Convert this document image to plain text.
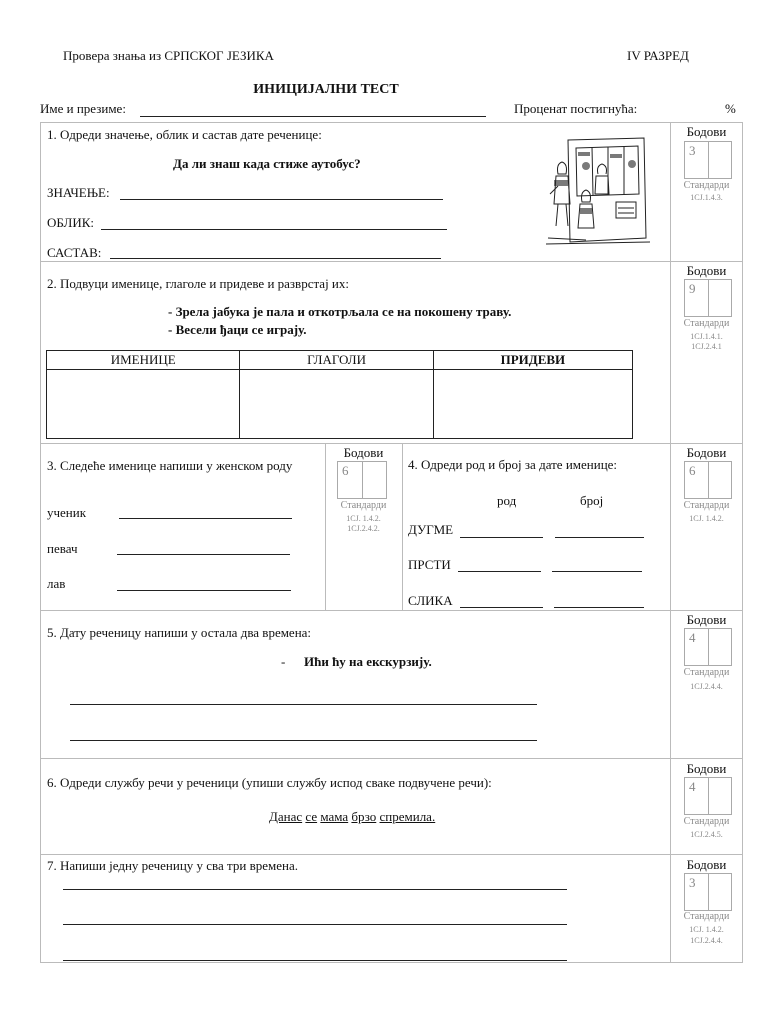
Провера знања из СРПСКОГ ЈЕЗИКА	IV РАЗРЕД
ИНИЦИЈАЛНИ ТЕСТ
Име и презиме:	Проценат постигнућа:	%
1. Одреди значење, облик и састав дате реченице:
Да ли знаш када стиже аутобус?
ЗНАЧЕЊЕ:
ОБЛИК:
САСТАВ:
Бодови
3
Стандарди
1СЈ.1.4.3.
2. Подвуци именице, глаголе и придеве и разврстај их:
- Зрела јабука је пала и откотрљала се на покошену траву.
- Весели ђаци се играју.
ИМЕНИЦЕ	ГЛАГОЛИ	ПРИДЕВИ

Бодови
9
Стандарди
1СЈ.1.4.1.
1СЈ.2.4.1
3. Следеће именице напиши у женском роду
ученик
певач
лав
Бодови
6
Стандарди
1СЈ. 1.4.2.
1СЈ.2.4.2.
4. Одреди род и број за дате именице:
род	број
ДУГМЕ
ПРСТИ
СЛИКА
Бодови
6
Стандарди
1СЈ. 1.4.2.
5. Дату реченицу напиши у остала два времена:
- Ићи ћу на екскурзију.
Бодови
4
Стандарди
1СЈ.2.4.4.
6. Одреди службу речи у реченици (упиши службу испод сваке подвучене речи):
Данас се мама брзо спремила.
Бодови
4
Стандарди
1СЈ.2.4.5.
7. Напиши једну реченицу у сва три времена.	Бодови
3
Стандарди
1СЈ. 1.4.2.
1СЈ.2.4.4.
